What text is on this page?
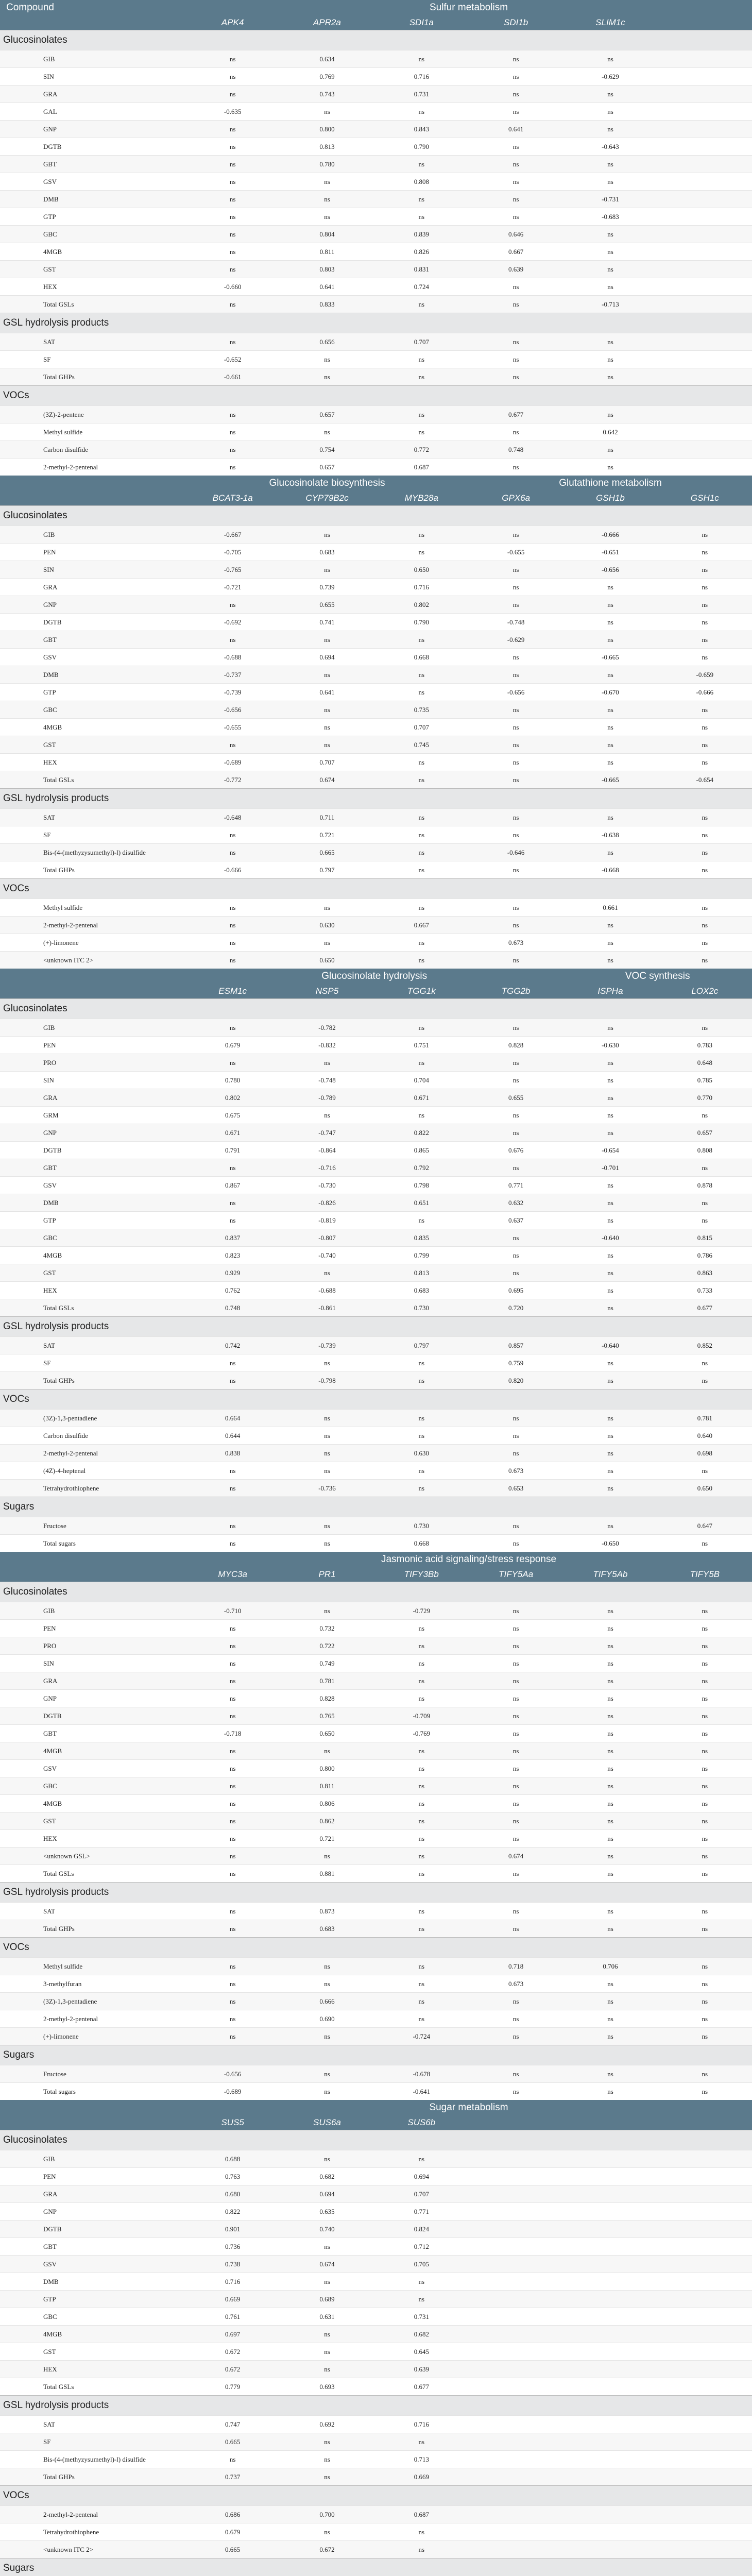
Compound	Sulfur metabolism					
	APK4	APR2a	SDI1a	SDI1b	SLIM1c	
Glucosinolates						
GIB	ns	0.634	ns	ns	ns	
SIN	ns	0.769	0.716	ns	-0.629	
GRA	ns	0.743	0.731	ns	ns	
GAL	-0.635	ns	ns	ns	ns	
GNP	ns	0.800	0.843	0.641	ns	
DGTB	ns	0.813	0.790	ns	-0.643	
GBT	ns	0.780	ns	ns	ns	
GSV	ns	ns	0.808	ns	ns	
DMB	ns	ns	ns	ns	-0.731	
GTP	ns	ns	ns	ns	-0.683	
GBC	ns	0.804	0.839	0.646	ns	
4MGB	ns	0.811	0.826	0.667	ns	
GST	ns	0.803	0.831	0.639	ns	
HEX	-0.660	0.641	0.724	ns	ns	
Total GSLs	ns	0.833	ns	ns	-0.713	
GSL hydrolysis products						
SAT	ns	0.656	0.707	ns	ns	
SF	-0.652	ns	ns	ns	ns	
Total GHPs	-0.661	ns	ns	ns	ns	
VOCs						
(3Z)-2-pentene	ns	0.657	ns	0.677	ns	
Methyl sulfide	ns	ns	ns	ns	0.642	
Carbon disulfide	ns	0.754	0.772	0.748	ns	
2-methyl-2-pentenal	ns	0.657	0.687	ns	ns	
	Glucosinolate biosynthesis			Glutathione metabolism		
	BCAT3-1a	CYP79B2c	MYB28a	GPX6a	GSH1b	GSH1c
Glucosinolates						
GIB	-0.667	ns	ns	ns	-0.666	ns
PEN	-0.705	0.683	ns	-0.655	-0.651	ns
SIN	-0.765	ns	0.650	ns	-0.656	ns
GRA	-0.721	0.739	0.716	ns	ns	ns
GNP	ns	0.655	0.802	ns	ns	ns
DGTB	-0.692	0.741	0.790	-0.748	ns	ns
GBT	ns	ns	ns	-0.629	ns	ns
GSV	-0.688	0.694	0.668	ns	-0.665	ns
DMB	-0.737	ns	ns	ns	ns	-0.659
GTP	-0.739	0.641	ns	-0.656	-0.670	-0.666
GBC	-0.656	ns	0.735	ns	ns	ns
4MGB	-0.655	ns	0.707	ns	ns	ns
GST	ns	ns	0.745	ns	ns	ns
HEX	-0.689	0.707	ns	ns	ns	ns
Total GSLs	-0.772	0.674	ns	ns	-0.665	-0.654
GSL hydrolysis products						
SAT	-0.648	0.711	ns	ns	ns	ns
SF	ns	0.721	ns	ns	-0.638	ns
Bis-(4-(methyzysumethyl)-l) disulfide	ns	0.665	ns	-0.646	ns	ns
Total GHPs	-0.666	0.797	ns	ns	-0.668	ns
VOCs						
Methyl sulfide	ns	ns	ns	ns	0.661	ns
2-methyl-2-pentenal	ns	0.630	0.667	ns	ns	ns
(+)-limonene	ns	ns	ns	0.673	ns	ns
<unknown ITC 2>	ns	0.650	ns	ns	ns	ns
	Glucosinolate hydrolysis				VOC synthesis	
	ESM1c	NSP5	TGG1k	TGG2b	ISPHa	LOX2c
Glucosinolates						
GIB	ns	-0.782	ns	ns	ns	ns
PEN	0.679	-0.832	0.751	0.828	-0.630	0.783
PRO	ns	ns	ns	ns	ns	0.648
SIN	0.780	-0.748	0.704	ns	ns	0.785
GRA	0.802	-0.789	0.671	0.655	ns	0.770
GRM	0.675	ns	ns	ns	ns	ns
GNP	0.671	-0.747	0.822	ns	ns	0.657
DGTB	0.791	-0.864	0.865	0.676	-0.654	0.808
GBT	ns	-0.716	0.792	ns	-0.701	ns
GSV	0.867	-0.730	0.798	0.771	ns	0.878
DMB	ns	-0.826	0.651	0.632	ns	ns
GTP	ns	-0.819	ns	0.637	ns	ns
GBC	0.837	-0.807	0.835	ns	-0.640	0.815
4MGB	0.823	-0.740	0.799	ns	ns	0.786
GST	0.929	ns	0.813	ns	ns	0.863
HEX	0.762	-0.688	0.683	0.695	ns	0.733
Total GSLs	0.748	-0.861	0.730	0.720	ns	0.677
GSL hydrolysis products						
SAT	0.742	-0.739	0.797	0.857	-0.640	0.852
SF	ns	ns	ns	0.759	ns	ns
Total GHPs	ns	-0.798	ns	0.820	ns	ns
VOCs						
(3Z)-1,3-pentadiene	0.664	ns	ns	ns	ns	0.781
Carbon disulfide	0.644	ns	ns	ns	ns	0.640
2-methyl-2-pentenal	0.838	ns	0.630	ns	ns	0.698
(4Z)-4-heptenal	ns	ns	ns	0.673	ns	ns
Tetrahydrothiophene	ns	-0.736	ns	0.653	ns	0.650
Sugars						
Fructose	ns	ns	0.730	ns	ns	0.647
Total sugars	ns	ns	0.668	ns	-0.650	ns
	Jasmonic acid signaling/stress response					
	MYC3a	PR1	TIFY3Bb	TIFY5Aa	TIFY5Ab	TIFY5B
Glucosinolates						
GIB	-0.710	ns	-0.729	ns	ns	ns
PEN	ns	0.732	ns	ns	ns	ns
PRO	ns	0.722	ns	ns	ns	ns
SIN	ns	0.749	ns	ns	ns	ns
GRA	ns	0.781	ns	ns	ns	ns
GNP	ns	0.828	ns	ns	ns	ns
DGTB	ns	0.765	-0.709	ns	ns	ns
GBT	-0.718	0.650	-0.769	ns	ns	ns
4MGB	ns	ns	ns	ns	ns	ns
GSV	ns	0.800	ns	ns	ns	ns
GBC	ns	0.811	ns	ns	ns	ns
4MGB	ns	0.806	ns	ns	ns	ns
GST	ns	0.862	ns	ns	ns	ns
HEX	ns	0.721	ns	ns	ns	ns
<unknown GSL>	ns	ns	ns	0.674	ns	ns
Total GSLs	ns	0.881	ns	ns	ns	ns
GSL hydrolysis products						
SAT	ns	0.873	ns	ns	ns	ns
Total GHPs	ns	0.683	ns	ns	ns	ns
VOCs						
Methyl sulfide	ns	ns	ns	0.718	0.706	ns
3-methylfuran	ns	ns	ns	0.673	ns	ns
(3Z)-1,3-pentadiene	ns	0.666	ns	ns	ns	ns
2-methyl-2-pentenal	ns	0.690	ns	ns	ns	ns
(+)-limonene	ns	ns	-0.724	ns	ns	ns
Sugars						
Fructose	-0.656	ns	-0.678	ns	ns	ns
Total sugars	-0.689	ns	-0.641	ns	ns	ns
	Sugar metabolism					
	SUS5	SUS6a	SUS6b			
Glucosinolates						
GIB	0.688	ns	ns			
PEN	0.763	0.682	0.694			
GRA	0.680	0.694	0.707			
GNP	0.822	0.635	0.771			
DGTB	0.901	0.740	0.824			
GBT	0.736	ns	0.712			
GSV	0.738	0.674	0.705			
DMB	0.716	ns	ns			
GTP	0.669	0.689	ns			
GBC	0.761	0.631	0.731			
4MGB	0.697	ns	0.682			
GST	0.672	ns	0.645			
HEX	0.672	ns	0.639			
Total GSLs	0.779	0.693	0.677			
GSL hydrolysis products						
SAT	0.747	0.692	0.716			
SF	0.665	ns	ns			
Bis-(4-(methyzysumethyl)-l) disulfide	ns	ns	0.713			
Total GHPs	0.737	ns	0.669			
VOCs						
2-methyl-2-pentenal	0.686	0.700	0.687			
Tetrahydrothiophene	0.679	ns	ns			
<unknown ITC 2>	0.665	0.672	ns			
Sugars						
